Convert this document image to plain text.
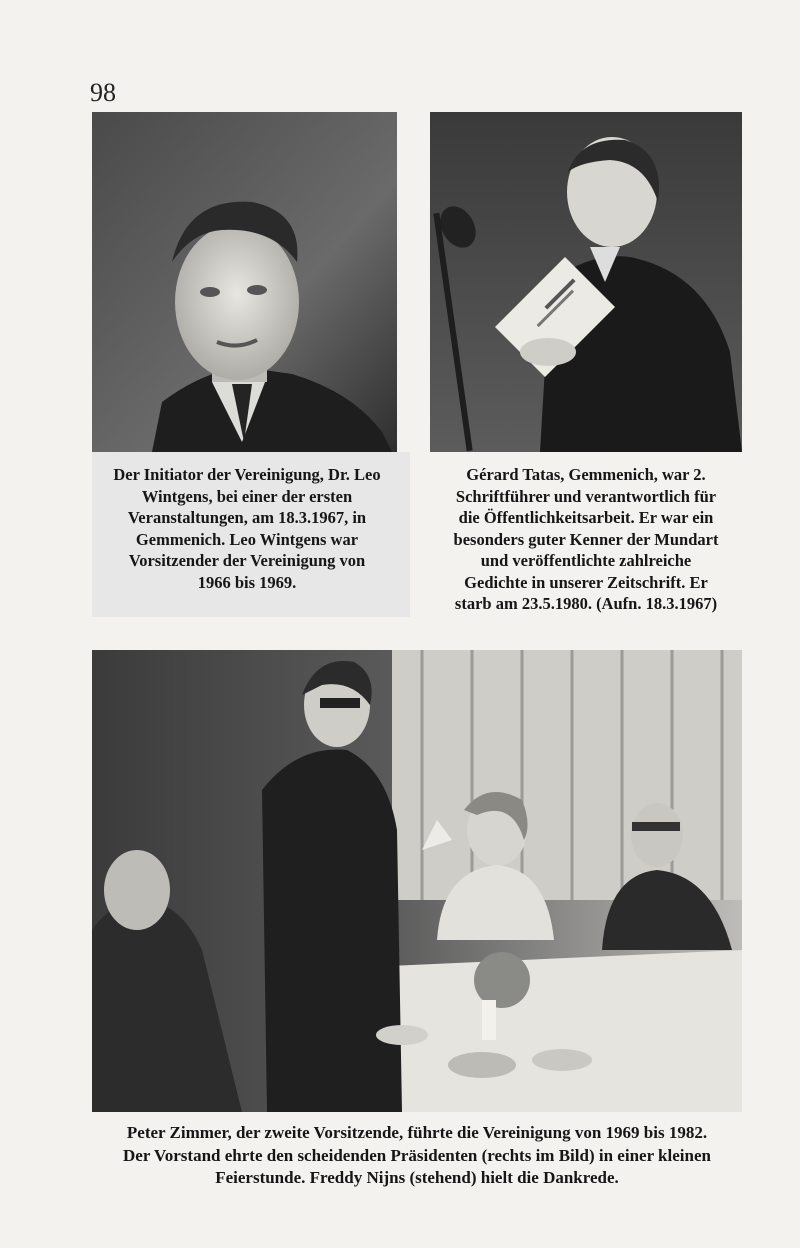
98
Der Initiator der Vereinigung, Dr. Leo
Wintgens, bei einer der ersten
Veranstaltungen, am 18.3.1967, in
Gemmenich. Leo Wintgens war
Vorsitzender der Vereinigung von
1966 bis 1969.
Gérard Tatas, Gemmenich, war 2.
Schriftführer und verantwortlich für
die Öffentlichkeitsarbeit. Er war ein
besonders guter Kenner der Mundart
und veröffentlichte zahlreiche
Gedichte in unserer Zeitschrift. Er
starb am 23.5.1980. (Aufn. 18.3.1967)
Peter Zimmer, der zweite Vorsitzende, führte die Vereinigung von 1969 bis 1982.
Der Vorstand ehrte den scheidenden Präsidenten (rechts im Bild) in einer kleinen
Feierstunde. Freddy Nijns (stehend) hielt die Dankrede.
